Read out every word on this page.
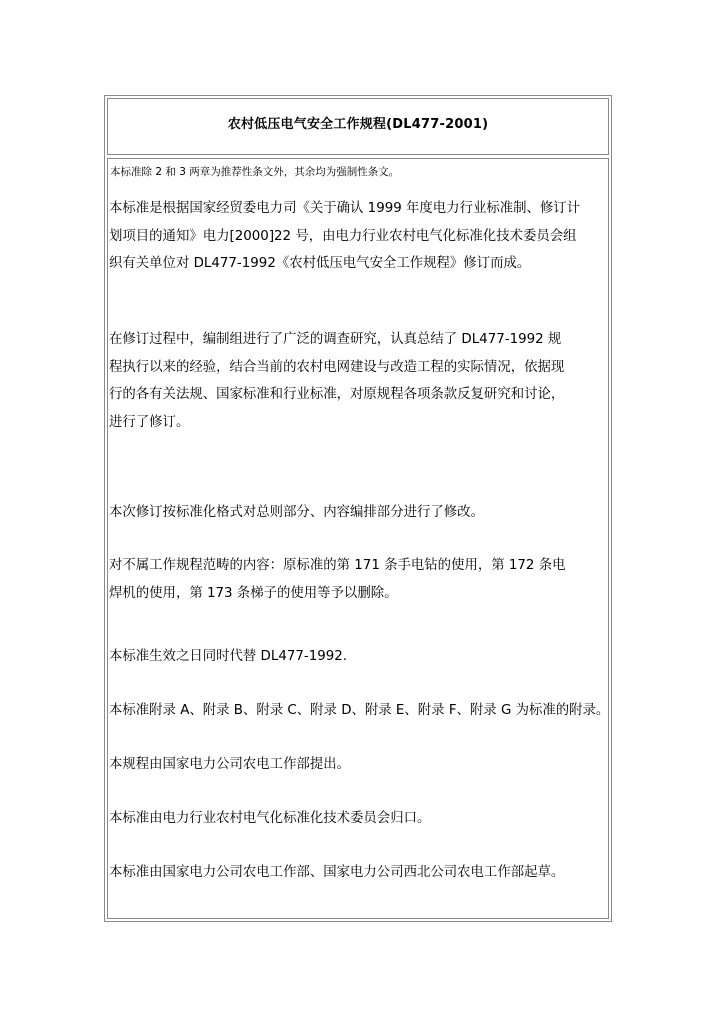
农村低压电气安全工作规程(DL477-2001)
本标准除 2 和 3 两章为推荐性条文外，其余均为强制性条文。
本标准是根据国家经贸委电力司《关于确认 1999 年度电力行业标准制、修订计
划项目的通知》电力[2000]22 号，由电力行业农村电气化标准化技术委员会组
织有关单位对 DL477-1992《农村低压电气安全工作规程》修订而成。
在修订过程中，编制组进行了广泛的调查研究，认真总结了 DL477-1992 规
程执行以来的经验，结合当前的农村电网建设与改造工程的实际情况，依据现
行的各有关法规、国家标准和行业标准，对原规程各项条款反复研究和讨论，
进行了修订。
本次修订按标准化格式对总则部分、内容编排部分进行了修改。
对不属工作规程范畴的内容：原标准的第 171 条手电钻的使用，第 172 条电
焊机的使用，第 173 条梯子的使用等予以删除。
本标准生效之日同时代替 DL477-1992.
本标准附录 A、附录 B、附录 C、附录 D、附录 E、附录 F、附录 G 为标准的附录。
本规程由国家电力公司农电工作部提出。
本标准由电力行业农村电气化标准化技术委员会归口。
本标准由国家电力公司农电工作部、国家电力公司西北公司农电工作部起草。
